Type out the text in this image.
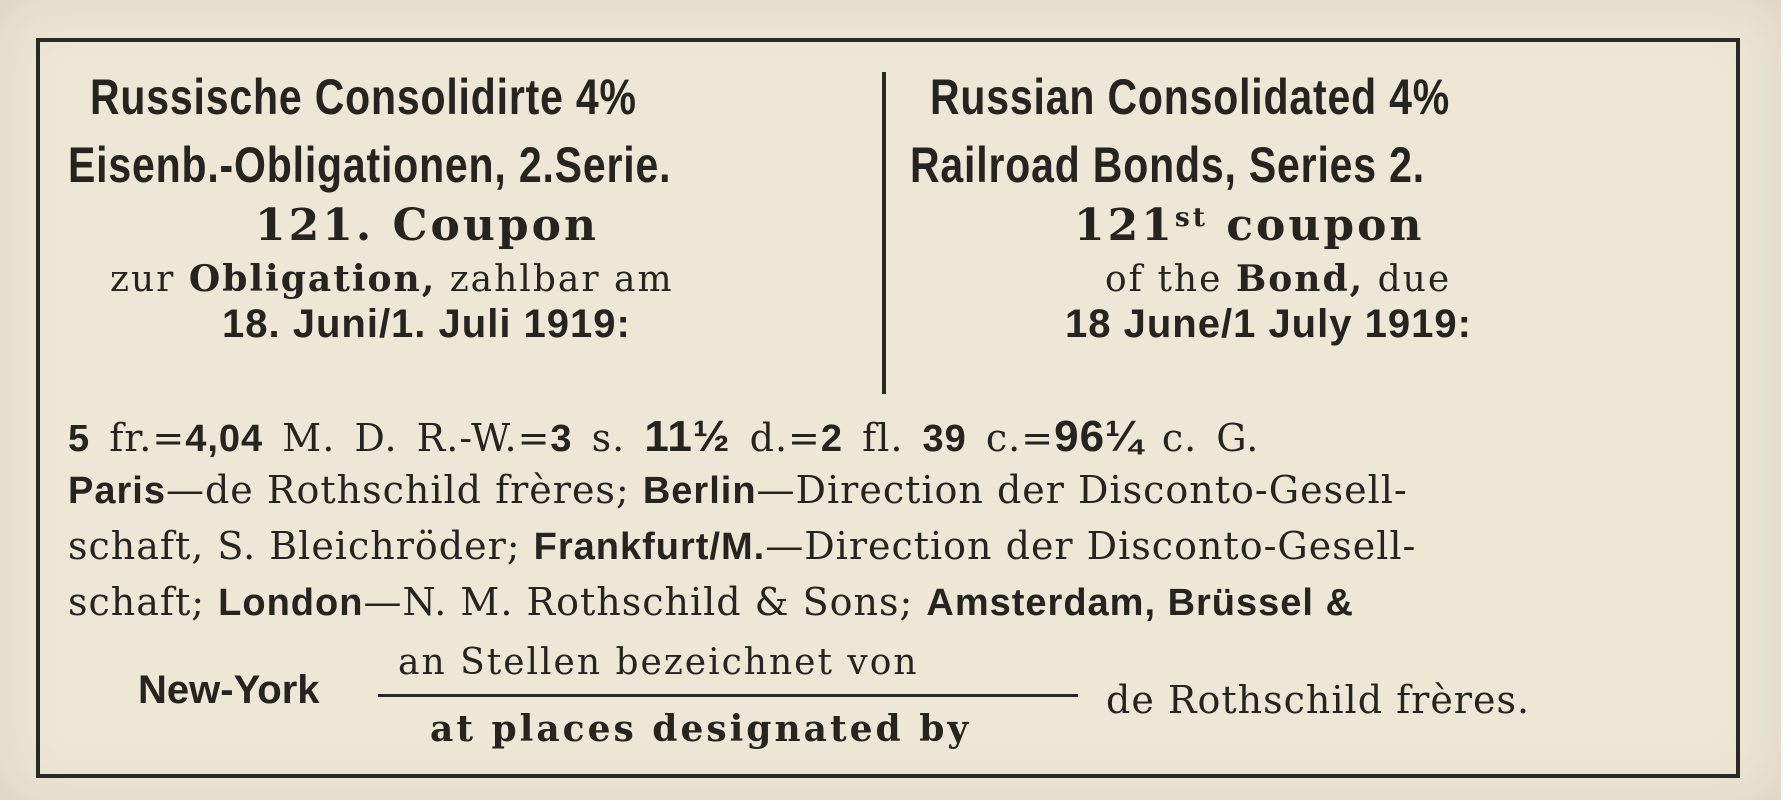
Russische Consolidirte 4%
Eisenb.-Obligationen, 2.Serie.
121. Coupon
zur Obligation, zahlbar am
18. Juni/1. Juli 1919:
Russian Consolidated 4%
Railroad Bonds, Series 2.
121st coupon
of the Bond, due
18 June/1 July 1919:
5 fr.=4,04 M. D. R.-W.=3 s. 11½ d.=2 fl. 39 c.=96¼ c. G.
Paris—de Rothschild frères; Berlin—Direction der Disconto-Gesell-
schaft, S. Bleichröder; Frankfurt/M.—Direction der Disconto-Gesell-
schaft; London—N. M. Rothschild & Sons; Amsterdam, Brüssel &
New-York
an Stellen bezeichnet von
at places designated by
de Rothschild frères.
